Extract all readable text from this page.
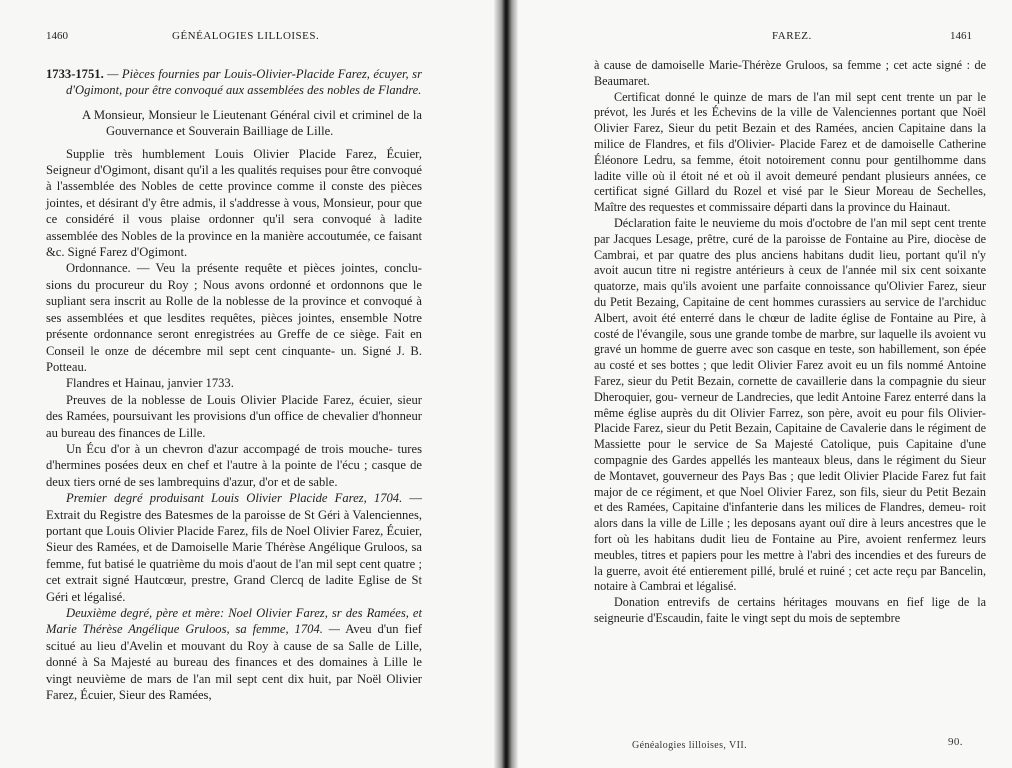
1460	GÉNÉALOGIES LILLOISES.

1733-1751. — Pièces fournies par Louis-Olivier-Placide Farez, écuyer, sr d'Ogimont, pour être convoqué aux assemblées des nobles de Flandre.

A Monsieur, Monsieur le Lieutenant Général civil et criminel de la Gouvernance et Souverain Bailliage de Lille.

Supplie très humblement Louis Olivier Placide Farez, Écuier, Seigneur d'Ogimont, disant qu'il a les qualités requises pour être convoqué à l'assemblée des Nobles de cette province comme il conste des pièces jointes, et désirant d'y être admis, il s'addresse à vous, Monsieur, pour que ce considéré il vous plaise ordonner qu'il sera convoqué à ladite assemblée des Nobles de la province en la manière accoutumée, ce faisant &c. Signé Farez d'Ogimont.

Ordonnance. — Veu la présente requête et pièces jointes, conclu- sions du procureur du Roy ; Nous avons ordonné et ordonnons que le supliant sera inscrit au Rolle de la noblesse de la province et convoqué à ses assemblées et que lesdites requêtes, pièces jointes, ensemble Notre présente ordonnance seront enregistrées au Greffe de ce siège. Fait en Conseil le onze de décembre mil sept cent cinquante- un. Signé J. B. Potteau.

Flandres et Hainau, janvier 1733.

Preuves de la noblesse de Louis Olivier Placide Farez, écuier, sieur des Ramées, poursuivant les provisions d'un office de chevalier d'honneur au bureau des finances de Lille.

Un Écu d'or à un chevron d'azur accompagé de trois mouche- tures d'hermines posées deux en chef et l'autre à la pointe de l'écu ; casque de deux tiers orné de ses lambrequins d'azur, d'or et de sable.

Premier degré produisant Louis Olivier Placide Farez, 1704. — Extrait du Registre des Batesmes de la paroisse de St Géri à Valenciennes, portant que Louis Olivier Placide Farez, fils de Noel Olivier Farez, Écuier, Sieur des Ramées, et de Damoiselle Marie Thérèse Angélique Gruloos, sa femme, fut batisé le quatrième du mois d'aout de l'an mil sept cent quatre ; cet extrait signé Hautcœur, prestre, Grand Clercq de ladite Eglise de St Géri et légalisé.

Deuxième degré, père et mère: Noel Olivier Farez, sr des Ramées, et Marie Thérèse Angélique Gruloos, sa femme, 1704. — Aveu d'un fief scitué au lieu d'Avelin et mouvant du Roy à cause de sa Salle de Lille, donné à Sa Majesté au bureau des finances et des domaines à Lille le vingt neuvième de mars de l'an mil sept cent dix huit, par Noël Olivier Farez, Écuier, Sieur des Ramées,

FAREZ.	1461

à cause de damoiselle Marie-Thérèze Gruloos, sa femme ; cet acte signé : de Beaumaret.

Certificat donné le quinze de mars de l'an mil sept cent trente un par le prévot, les Jurés et les Échevins de la ville de Valenciennes portant que Noël Olivier Farez, Sieur du petit Bezain et des Ramées, ancien Capitaine dans la milice de Flandres, et fils d'Olivier- Placide Farez et de damoiselle Catherine Éléonore Ledru, sa femme, étoit notoirement connu pour gentilhomme dans ladite ville où il étoit né et où il avoit demeuré pendant plusieurs années, ce certificat signé Gillard du Rozel et visé par le Sieur Moreau de Sechelles, Maître des requestes et commissaire départi dans la province du Hainaut.

Déclaration faite le neuvieme du mois d'octobre de l'an mil sept cent trente par Jacques Lesage, prêtre, curé de la paroisse de Fontaine au Pire, diocèse de Cambrai, et par quatre des plus anciens habitans dudit lieu, portant qu'il n'y avoit aucun titre ni registre antérieurs à ceux de l'année mil six cent soixante quatorze, mais qu'ils avoient une parfaite connoissance qu'Olivier Farez, sieur du Petit Bezaing, Capitaine de cent hommes curassiers au service de l'archiduc Albert, avoit été enterré dans le chœur de ladite église de Fontaine au Pire, à costé de l'évangile, sous une grande tombe de marbre, sur laquelle ils avoient vu gravé un homme de guerre avec son casque en teste, son habillement, son épée au costé et ses bottes ; que ledit Olivier Farez avoit eu un fils nommé Antoine Farez, sieur du Petit Bezain, cornette de cavaillerie dans la compagnie du sieur Dheroquier, gou- verneur de Landrecies, que ledit Antoine Farez enterré dans la même église auprès du dit Olivier Farrez, son père, avoit eu pour fils Olivier-Placide Farez, sieur du Petit Bezain, Capitaine de Cavalerie dans le régiment de Massiette pour le service de Sa Majesté Catolique, puis Capitaine d'une compagnie des Gardes appellés les manteaux bleus, dans le régiment du Sieur de Montavet, gouverneur des Pays Bas ; que ledit Olivier Placide Farez fut fait major de ce régiment, et que Noel Olivier Farez, son fils, sieur du Petit Bezain et des Ramées, Capitaine d'infanterie dans les milices de Flandres, demeu- roit alors dans la ville de Lille ; les deposans ayant ouï dire à leurs ancestres que le fort où les habitans dudit lieu de Fontaine au Pire, avoient renfermez leurs meubles, titres et papiers pour les mettre à l'abri des incendies et des fureurs de la guerre, avoit été entierement pillé, brulé et ruiné ; cet acte reçu par Bancelin, notaire à Cambrai et légalisé.

Donation entrevifs de certains héritages mouvans en fief lige de la seigneurie d'Escaudin, faite le vingt sept du mois de septembre

Généalogies lilloises, VII.	90.
